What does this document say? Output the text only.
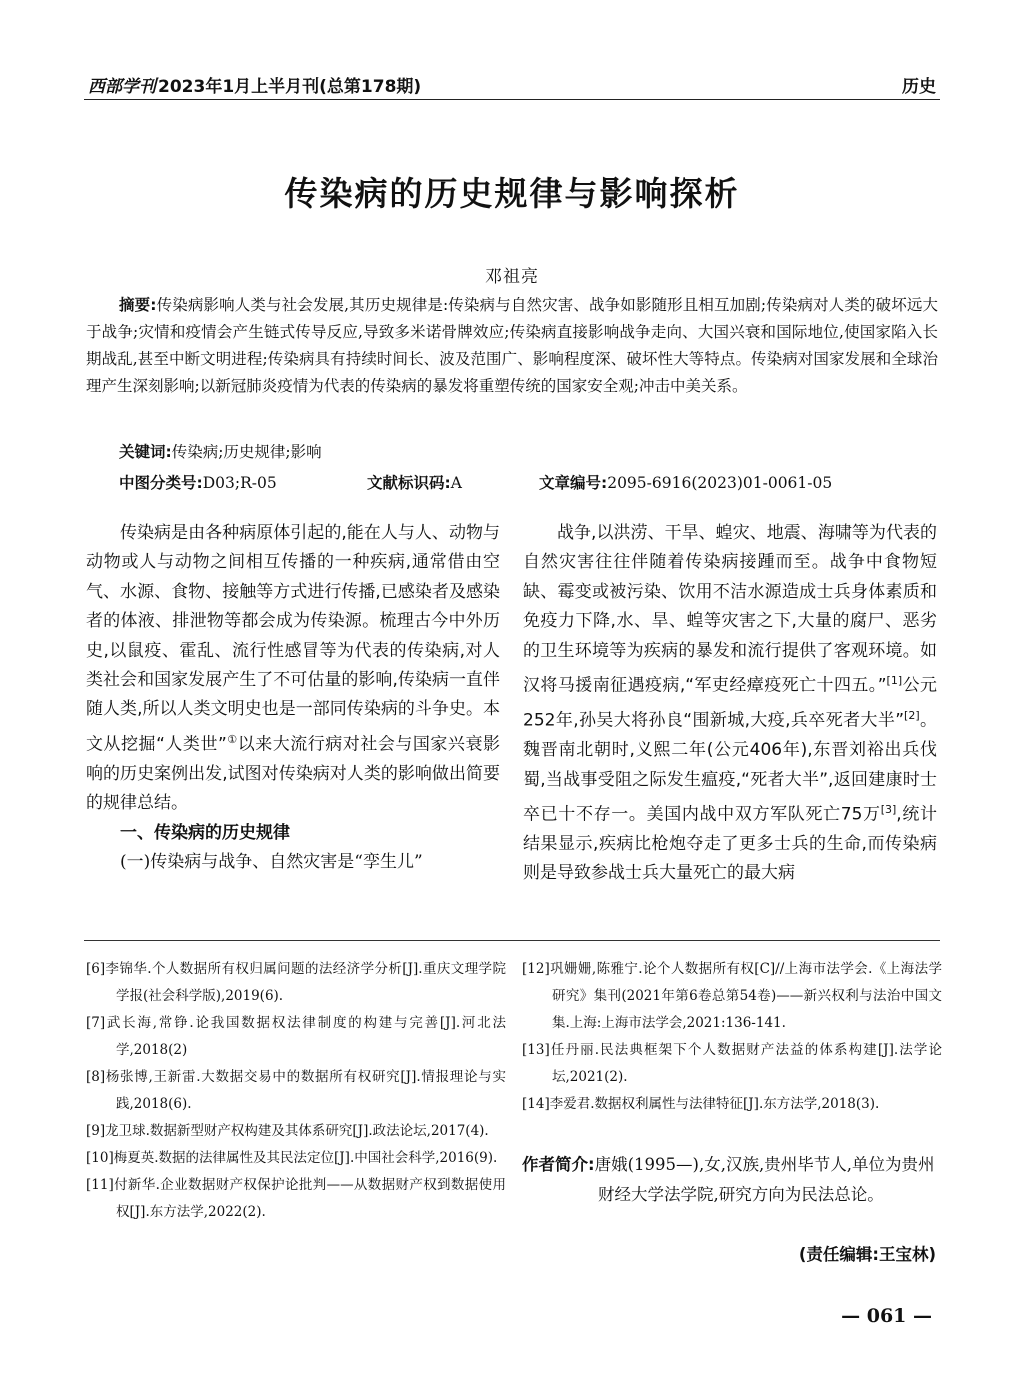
西部学刊 2023年1月上半月刊(总第178期)	历史
传染病的历史规律与影响探析
邓祖亮
摘要:传染病影响人类与社会发展,其历史规律是:传染病与自然灾害、战争如影随形且相互加剧;传染病对人类的破坏远大于战争;灾情和疫情会产生链式传导反应,导致多米诺骨牌效应;传染病直接影响战争走向、大国兴衰和国际地位,使国家陷入长期战乱,甚至中断文明进程;传染病具有持续时间长、波及范围广、影响程度深、破坏性大等特点。传染病对国家发展和全球治理产生深刻影响;以新冠肺炎疫情为代表的传染病的暴发将重塑传统的国家安全观;冲击中美关系。
关键词:传染病;历史规律;影响
中图分类号:D03;R-05	文献标识码:A	文章编号:2095-6916(2023)01-0061-05

传染病是由各种病原体引起的,能在人与人、动物与动物或人与动物之间相互传播的一种疾病,通常借由空气、水源、食物、接触等方式进行传播,已感染者及感染者的体液、排泄物等都会成为传染源。梳理古今中外历史,以鼠疫、霍乱、流行性感冒等为代表的传染病,对人类社会和国家发展产生了不可估量的影响,传染病一直伴随人类,所以人类文明史也是一部同传染病的斗争史。本文从挖掘“人类世”①以来大流行病对社会与国家兴衰影响的历史案例出发,试图对传染病对人类的影响做出简要的规律总结。

一、传染病的历史规律

(一)传染病与战争、自然灾害是“孪生儿”

战争,以洪涝、干旱、蝗灾、地震、海啸等为代表的自然灾害往往伴随着传染病接踵而至。战争中食物短缺、霉变或被污染、饮用不洁水源造成士兵身体素质和免疫力下降,水、旱、蝗等灾害之下,大量的腐尸、恶劣的卫生环境等为疾病的暴发和流行提供了客观环境。如汉将马援南征遇疫病,“军吏经瘴疫死亡十四五。”[1]公元252年,孙吴大将孙良“围新城,大疫,兵卒死者大半”[2]。魏晋南北朝时,义熙二年(公元406年),东晋刘裕出兵伐蜀,当战事受阻之际发生瘟疫,“死者大半”,返回建康时士卒已十不存一。美国内战中双方军队死亡75万[3],统计结果显示,疾病比枪炮夺走了更多士兵的生命,而传染病则是导致参战士兵大量死亡的最大病

[6]李锦华.个人数据所有权归属问题的法经济学分析[J].重庆文理学院学报(社会科学版),2019(6).

[7]武长海,常铮.论我国数据权法律制度的构建与完善[J].河北法学,2018(2)

[8]杨张博,王新雷.大数据交易中的数据所有权研究[J].情报理论与实践,2018(6).

[9]龙卫球.数据新型财产权构建及其体系研究[J].政法论坛,2017(4).

[10]梅夏英.数据的法律属性及其民法定位[J].中国社会科学,2016(9).

[11]付新华.企业数据财产权保护论批判——从数据财产权到数据使用权[J].东方法学,2022(2).

[12]巩姗姗,陈雅宁.论个人数据所有权[C]//上海市法学会.《上海法学研究》集刊(2021年第6卷总第54卷)——新兴权利与法治中国文集.上海:上海市法学会,2021:136-141.

[13]任丹丽.民法典框架下个人数据财产法益的体系构建[J].法学论坛,2021(2).

[14]李爱君.数据权利属性与法律特征[J].东方法学,2018(3).

作者简介:唐娥(1995—),女,汉族,贵州毕节人,单位为贵州财经大学法学院,研究方向为民法总论。
(责任编辑:王宝林)
— 061 —
